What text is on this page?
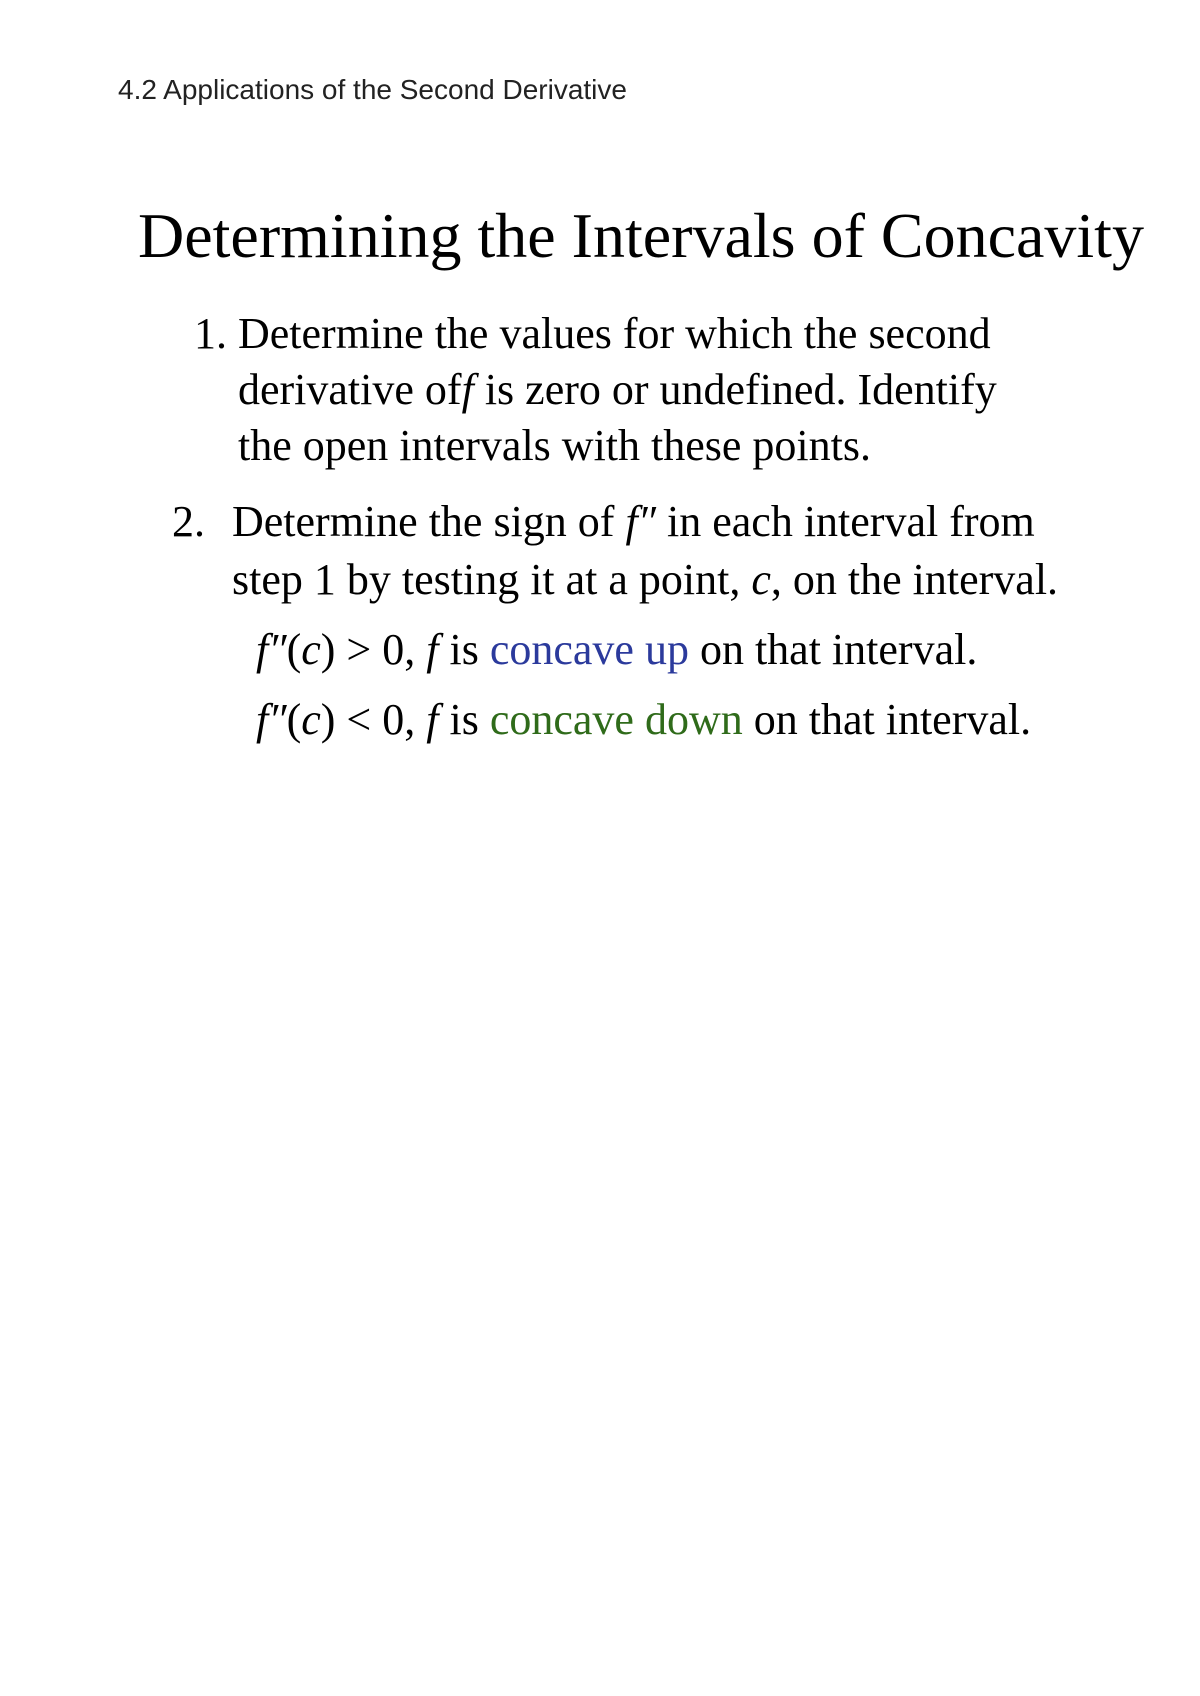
4.2 Applications of the Second Derivative
Determining the Intervals of Concavity
1. Determine the values for which the second
derivative off is zero or undefined. Identify
the open intervals with these points.
2. Determine the sign of f″ in each interval from
step 1 by testing it at a point, c, on the interval.
f″(c) > 0, f is concave up on that interval.
f″(c) < 0, f is concave down on that interval.
